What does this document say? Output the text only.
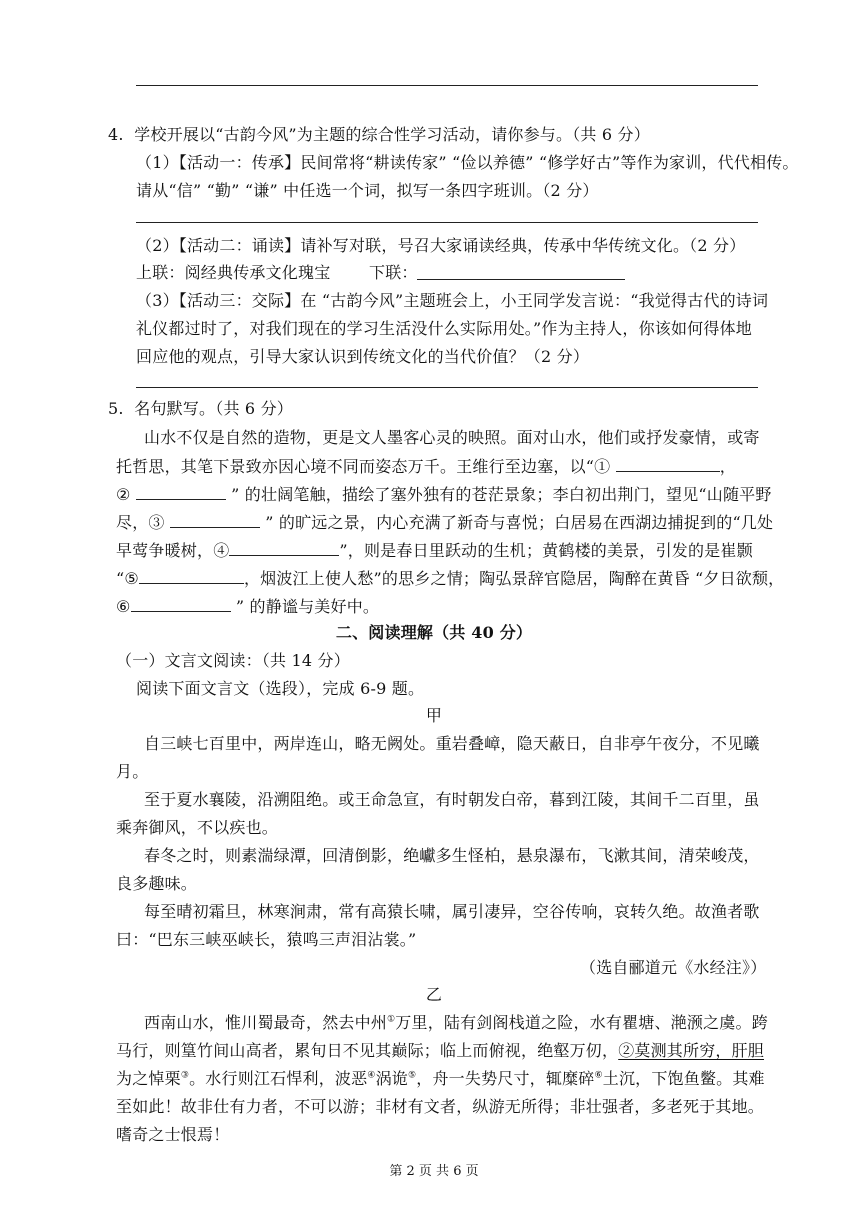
4.  学校开展以“古韵今风”为主题的综合性学习活动，请你参与。（共 6 分）
（1）【活动一：传承】民间常将“耕读传家” “俭以养德” “修学好古”等作为家训，代代相传。
请从“信” “勤” “谦” 中任选一个词，拟写一条四字班训。（2 分）
（2）【活动二：诵读】请补写对联，号召大家诵读经典，传承中华传统文化。（2 分）
上联：阅经典传承文化瑰宝 下联：
（3）【活动三：交际】在 “古韵今风”主题班会上，小王同学发言说：“我觉得古代的诗词
礼仪都过时了，对我们现在的学习生活没什么实际用处。”作为主持人，你该如何得体地
回应他的观点，引导大家认识到传统文化的当代价值？（2 分）
5.  名句默写。（共 6 分）
山水不仅是自然的造物，更是文人墨客心灵的映照。面对山水，他们或抒发豪情，或寄
托哲思，其笔下景致亦因心境不同而姿态万千。王维行至边塞，以“①	，
②	” 的壮阔笔触，描绘了塞外独有的苍茫景象；李白初出荆门，望见“山随平野
尽，③	” 的旷远之景，内心充满了新奇与喜悦；白居易在西湖边捕捉到的“几处
早莺争暖树，④	”，则是春日里跃动的生机；黄鹤楼的美景，引发的是崔颢
“⑤	，烟波江上使人愁”的思乡之情；陶弘景辞官隐居，陶醉在黄昏 “夕日欲颓，
⑥	” 的静谧与美好中。
二、阅读理解（共 40 分）
（一）文言文阅读：（共 14 分）
阅读下面文言文（选段），完成 6-9 题。
甲
自三峡七百里中，两岸连山，略无阙处。重岩叠嶂，隐天蔽日，自非亭午夜分，不见曦
月。
至于夏水襄陵，沿溯阻绝。或王命急宣，有时朝发白帝，暮到江陵，其间千二百里，虽
乘奔御风，不以疾也。
春冬之时，则素湍绿潭，回清倒影，绝巘多生怪柏，悬泉瀑布，飞漱其间，清荣峻茂，
良多趣味。
每至晴初霜旦，林寒涧肃，常有高猿长啸，属引凄异，空谷传响，哀转久绝。故渔者歌
曰：“巴东三峡巫峡长，猿鸣三声泪沾裳。”
（选自郦道元《水经注》）
乙
西南山水，惟川蜀最奇，然去中州①万里，陆有剑阁栈道之险，水有瞿塘、滟滪之虞。跨
马行，则篁竹间山高者，累旬日不见其巅际；临上而俯视，绝壑万仞，②莫测其所穷，肝胆
为之悼栗③。水行则江石悍利，波恶④涡诡⑤，舟一失势尺寸，辄糜碎⑥土沉，下饱鱼鳖。其难
至如此！故非仕有力者，不可以游；非材有文者，纵游无所得；非壮强者，多老死于其地。
嗜奇之士恨焉！
第 2 页 共 6 页
